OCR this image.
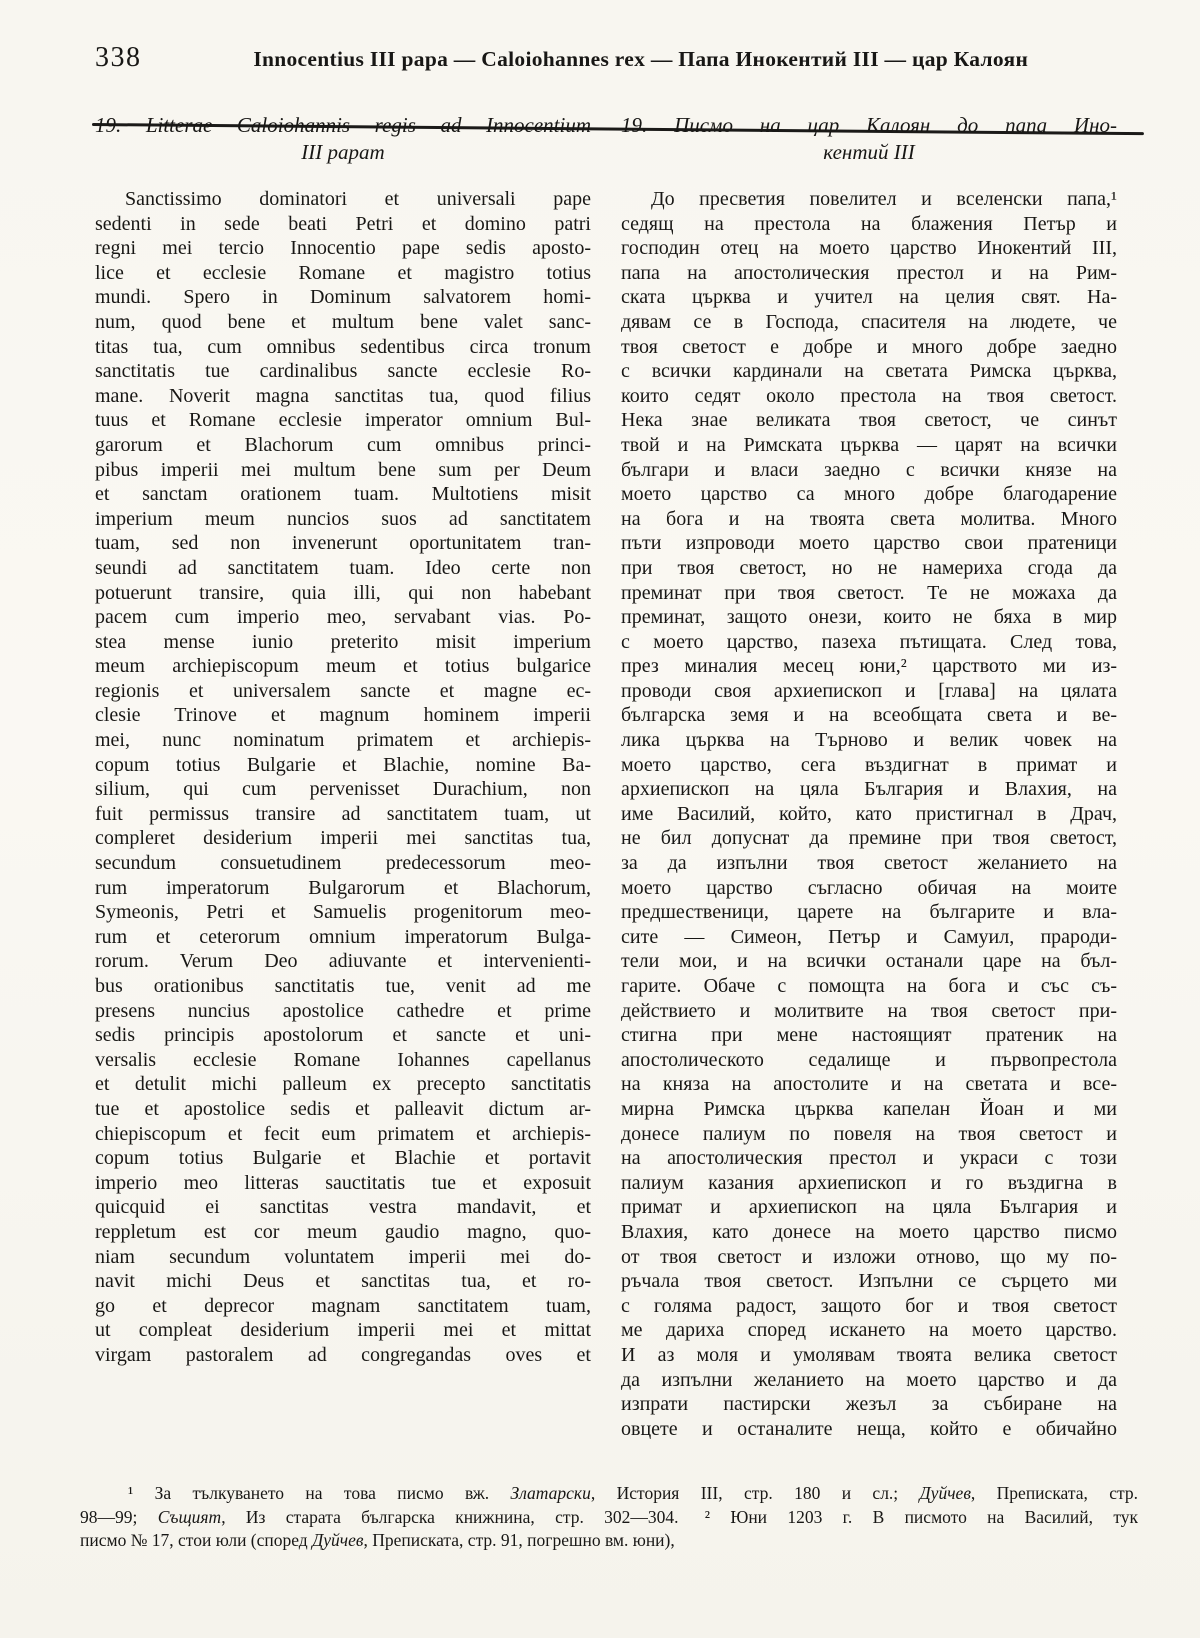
338	Innocentius III papa — Caloiohannes rex — Папа Инокентий III — цар Калоян
19. Litterae Caloiohannis regis ad Innocentium
III papam
Sanctissimo dominatori et universali pape
sedenti in sede beati Petri et domino patri
regni mei tercio Innocentio pape sedis aposto-
lice et ecclesie Romane et magistro totius
mundi. Spero in Dominum salvatorem homi-
num, quod bene et multum bene valet sanc-
titas tua, cum omnibus sedentibus circa tronum
sanctitatis tue cardinalibus sancte ecclesie Ro-
mane. Noverit magna sanctitas tua, quod filius
tuus et Romane ecclesie imperator omnium Bul-
garorum et Blachorum cum omnibus princi-
pibus imperii mei multum bene sum per Deum
et sanctam orationem tuam. Multotiens misit
imperium meum nuncios suos ad sanctitatem
tuam, sed non invenerunt oportunitatem tran-
seundi ad sanctitatem tuam. Ideo certe non
potuerunt transire, quia illi, qui non habebant
pacem cum imperio meo, servabant vias. Po-
stea mense iunio preterito misit imperium
meum archiepiscopum meum et totius bulgarice
regionis et universalem sancte et magne ec-
clesie Trinove et magnum hominem imperii
mei, nunc nominatum primatem et archiepis-
copum totius Bulgarie et Blachie, nomine Ba-
silium, qui cum pervenisset Durachium, non
fuit permissus transire ad sanctitatem tuam, ut
compleret desiderium imperii mei sanctitas tua,
secundum consuetudinem predecessorum meo-
rum imperatorum Bulgarorum et Blachorum,
Symeonis, Petri et Samuelis progenitorum meo-
rum et ceterorum omnium imperatorum Bulga-
rorum. Verum Deo adiuvante et intervenienti-
bus orationibus sanctitatis tue, venit ad me
presens nuncius apostolice cathedre et prime
sedis principis apostolorum et sancte et uni-
versalis ecclesie Romane Iohannes capellanus
et detulit michi palleum ex precepto sanctitatis
tue et apostolice sedis et palleavit dictum ar-
chiepiscopum et fecit eum primatem et archiepis-
copum totius Bulgarie et Blachie et portavit
imperio meo litteras sauctitatis tue et exposuit
quicquid ei sanctitas vestra mandavit, et
reppletum est cor meum gaudio magno, quo-
niam secundum voluntatem imperii mei do-
navit michi Deus et sanctitas tua, et ro-
go et deprecor magnam sanctitatem tuam,
ut compleat desiderium imperii mei et mittat
virgam pastoralem ad congregandas oves et
19. Писмо на цар Калоян до папа Ино-
кентий III
До пресветия повелител и вселенски папа,¹
седящ на престола на блажения Петър и
господин отец на моето царство Инокентий III,
папа на апостолическия престол и на Рим-
ската църква и учител на целия свят. На-
дявам се в Господа, спасителя на людете, че
твоя светост е добре и много добре заедно
с всички кардинали на светата Римска църква,
които седят около престола на твоя светост.
Нека знае великата твоя светост, че синът
твой и на Римската църква — царят на всички
българи и власи заедно с всички князе на
моето царство са много добре благодарение
на бога и на твоята света молитва. Много
пъти изпроводи моето царство свои пратеници
при твоя светост, но не намериха сгода да
преминат при твоя светост. Те не можаха да
преминат, защото онези, които не бяха в мир
с моето царство, пазеха пътищата. След това,
през миналия месец юни,² царството ми из-
проводи своя архиепископ и [глава] на цялата
българска земя и на всеобщата света и ве-
лика църква на Търново и велик човек на
моето царство, сега въздигнат в примат и
архиепископ на цяла България и Влахия, на
име Василий, който, като пристигнал в Драч,
не бил допуснат да премине при твоя светост,
за да изпълни твоя светост желанието на
моето царство съгласно обичая на моите
предшественици, царете на българите и вла-
сите — Симеон, Петър и Самуил, прароди-
тели мои, и на всички останали царе на бъл-
гарите. Обаче с помощта на бога и със съ-
действието и молитвите на твоя светост при-
стигна при мене настоящият пратеник на
апостолическото седалище и първопрестола
на княза на апостолите и на светата и все-
мирна Римска църква капелан Йоан и ми
донесе палиум по повеля на твоя светост и
на апостолическия престол и украси с този
палиум казания архиепископ и го въздигна в
примат и архиепископ на цяла България и
Влахия, като донесе на моето царство писмо
от твоя светост и изложи отново, що му по-
ръчала твоя светост. Изпълни се сърцето ми
с голяма радост, защото бог и твоя светост
ме дариха според искането на моето царство.
И аз моля и умолявам твоята велика светост
да изпълни желанието на моето царство и да
изпрати пастирски жезъл за събиране на
овцете и останалите неща, който е обичайно
¹ За тълкуването на това писмо вж. Златарски, История III, стр. 180 и сл.; Дуйчев, Преписката, стр.
98—99; Същият, Из старата българска книжнина, стр. 302—304.  ² Юни 1203 г. В писмото на Василий, тук
писмо № 17, стои юли (според Дуйчев, Преписката, стр. 91, погрешно вм. юни),
